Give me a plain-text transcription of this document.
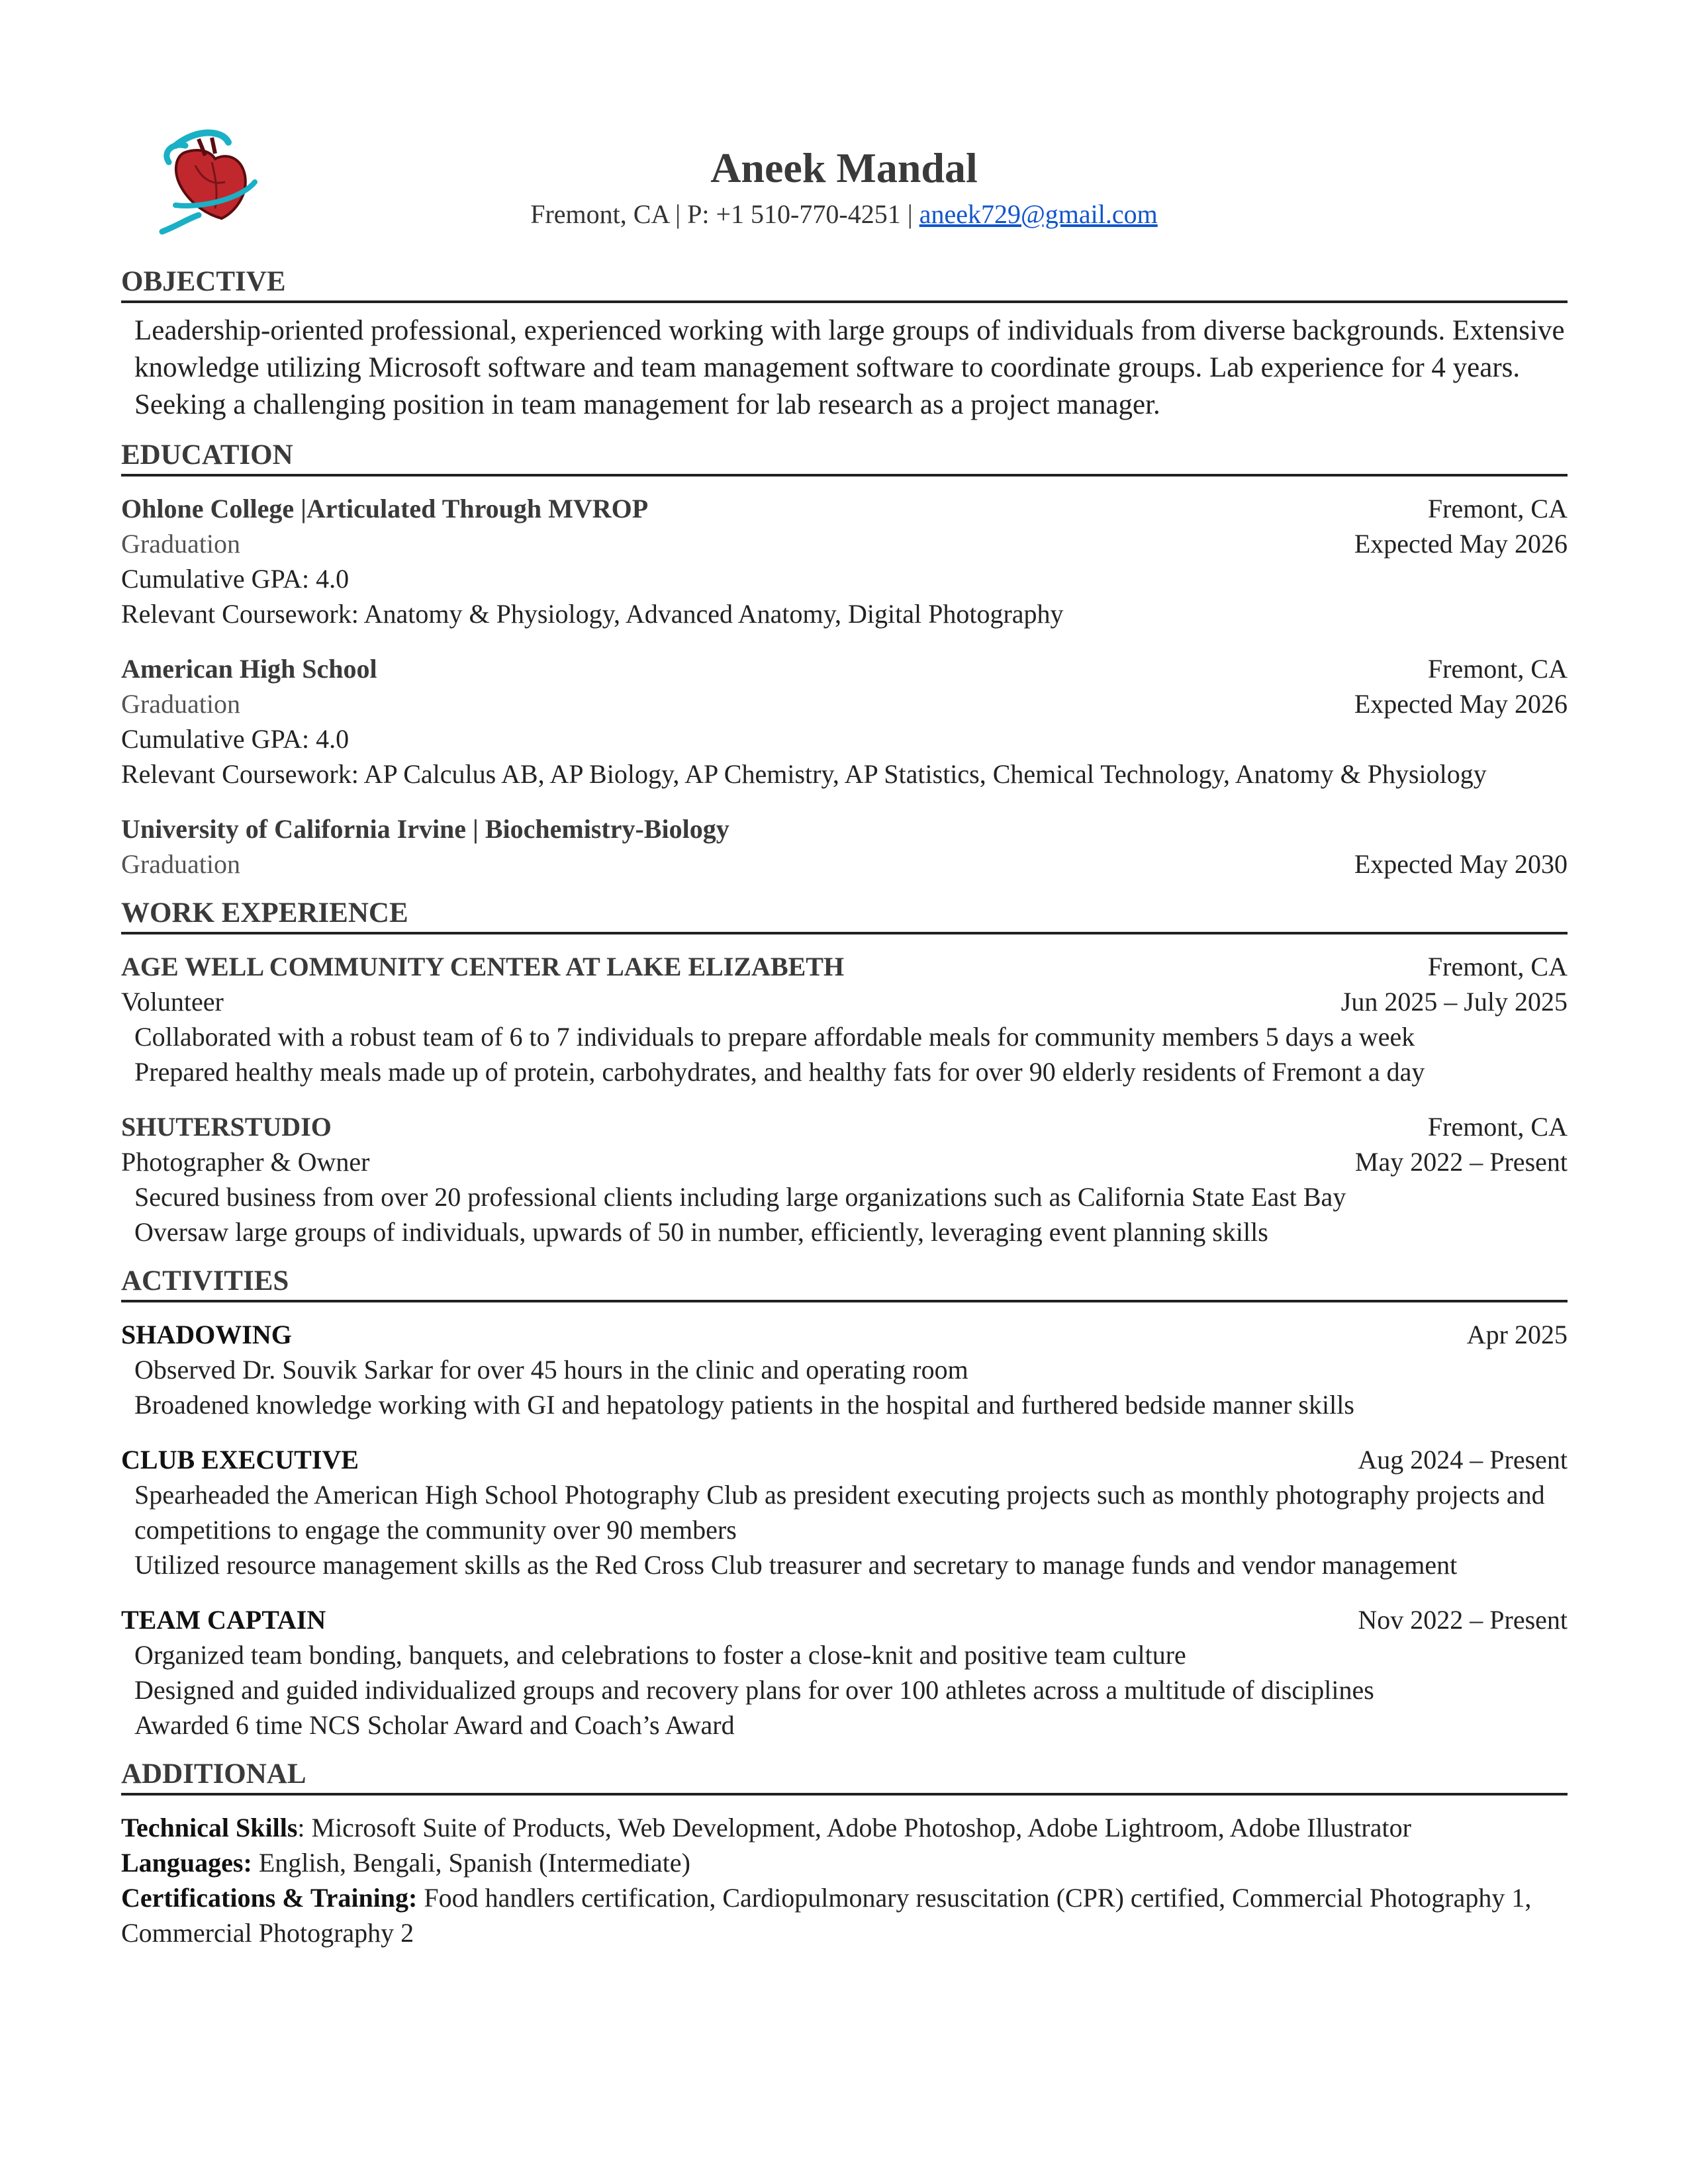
Aneek Mandal
Fremont, CA | P: +1 510-770-4251 | aneek729@gmail.com
OBJECTIVE
Leadership-oriented professional, experienced working with large groups of individuals from diverse backgrounds. Extensive knowledge utilizing Microsoft software and team management software to coordinate groups. Lab experience for 4 years. Seeking a challenging position in team management for lab research as a project manager.
EDUCATION
Ohlone College |Articulated Through MVROP	Fremont, CA
Graduation	Expected May 2026
Cumulative GPA: 4.0
Relevant Coursework: Anatomy & Physiology, Advanced Anatomy, Digital Photography
American High School	Fremont, CA
Graduation	Expected May 2026
Cumulative GPA: 4.0
Relevant Coursework: AP Calculus AB, AP Biology, AP Chemistry, AP Statistics, Chemical Technology, Anatomy & Physiology
University of California Irvine | Biochemistry-Biology
Graduation	Expected May 2030
WORK EXPERIENCE
AGE WELL COMMUNITY CENTER AT LAKE ELIZABETH	Fremont, CA
Volunteer	Jun 2025 – July 2025
Collaborated with a robust team of 6 to 7 individuals to prepare affordable meals for community members 5 days a week
Prepared healthy meals made up of protein, carbohydrates, and healthy fats for over 90 elderly residents of Fremont a day
SHUTERSTUDIO	Fremont, CA
Photographer & Owner	May 2022 – Present
Secured business from over 20 professional clients including large organizations such as California State East Bay
Oversaw large groups of individuals, upwards of 50 in number, efficiently, leveraging event planning skills
ACTIVITIES
SHADOWING	Apr 2025
Observed Dr. Souvik Sarkar for over 45 hours in the clinic and operating room
Broadened knowledge working with GI and hepatology patients in the hospital and furthered bedside manner skills
CLUB EXECUTIVE	Aug 2024 – Present
Spearheaded the American High School Photography Club as president executing projects such as monthly photography projects and competitions to engage the community over 90 members
Utilized resource management skills as the Red Cross Club treasurer and secretary to manage funds and vendor management
TEAM CAPTAIN	Nov 2022 – Present
Organized team bonding, banquets, and celebrations to foster a close-knit and positive team culture
Designed and guided individualized groups and recovery plans for over 100 athletes across a multitude of disciplines
Awarded 6 time NCS Scholar Award and Coach’s Award
ADDITIONAL
Technical Skills: Microsoft Suite of Products, Web Development, Adobe Photoshop, Adobe Lightroom, Adobe Illustrator
Languages: English, Bengali, Spanish (Intermediate)
Certifications & Training: Food handlers certification, Cardiopulmonary resuscitation (CPR) certified, Commercial Photography 1, Commercial Photography 2
